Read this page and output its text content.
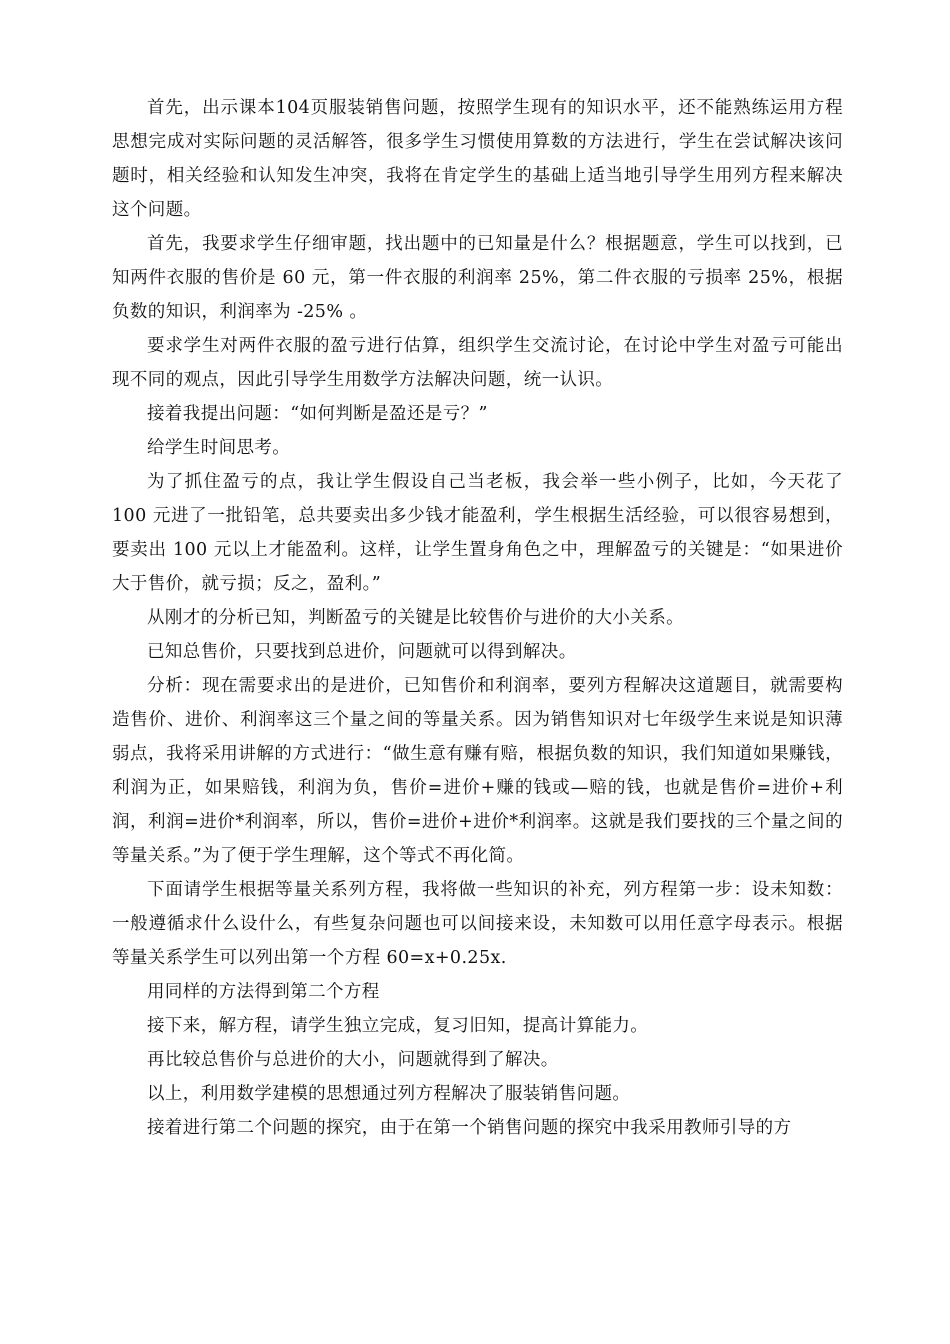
首先，出示课本104页服装销售问题，按照学生现有的知识水平，还不能熟练运用方程思想完成对实际问题的灵活解答，很多学生习惯使用算数的方法进行，学生在尝试解决该问题时，相关经验和认知发生冲突，我将在肯定学生的基础上适当地引导学生用列方程来解决这个问题。

首先，我要求学生仔细审题，找出题中的已知量是什么？根据题意，学生可以找到，已知两件衣服的售价是 60 元，第一件衣服的利润率 25%，第二件衣服的亏损率 25%，根据负数的知识，利润率为 -25% 。

要求学生对两件衣服的盈亏进行估算，组织学生交流讨论，在讨论中学生对盈亏可能出现不同的观点，因此引导学生用数学方法解决问题，统一认识。

接着我提出问题：“如何判断是盈还是亏？”

给学生时间思考。

为了抓住盈亏的点，我让学生假设自己当老板，我会举一些小例子，比如，今天花了 100 元进了一批铅笔，总共要卖出多少钱才能盈利，学生根据生活经验，可以很容易想到，要卖出 100 元以上才能盈利。这样，让学生置身角色之中，理解盈亏的关键是：“如果进价大于售价，就亏损；反之，盈利。”

从刚才的分析已知，判断盈亏的关键是比较售价与进价的大小关系。

已知总售价，只要找到总进价，问题就可以得到解决。

分析：现在需要求出的是进价，已知售价和利润率，要列方程解决这道题目，就需要构造售价、进价、利润率这三个量之间的等量关系。因为销售知识对七年级学生来说是知识薄弱点，我将采用讲解的方式进行：“做生意有赚有赔，根据负数的知识，我们知道如果赚钱，利润为正，如果赔钱，利润为负，售价=进价+赚的钱或—赔的钱，也就是售价=进价+利润，利润=进价*利润率，所以，售价=进价+进价*利润率。这就是我们要找的三个量之间的等量关系。”为了便于学生理解，这个等式不再化简。

下面请学生根据等量关系列方程，我将做一些知识的补充，列方程第一步：设未知数：一般遵循求什么设什么，有些复杂问题也可以间接来设，未知数可以用任意字母表示。根据等量关系学生可以列出第一个方程 60=x+0.25x.

用同样的方法得到第二个方程

接下来，解方程，请学生独立完成，复习旧知，提高计算能力。

再比较总售价与总进价的大小，问题就得到了解决。

以上，利用数学建模的思想通过列方程解决了服装销售问题。

接着进行第二个问题的探究，由于在第一个销售问题的探究中我采用教师引导的方
